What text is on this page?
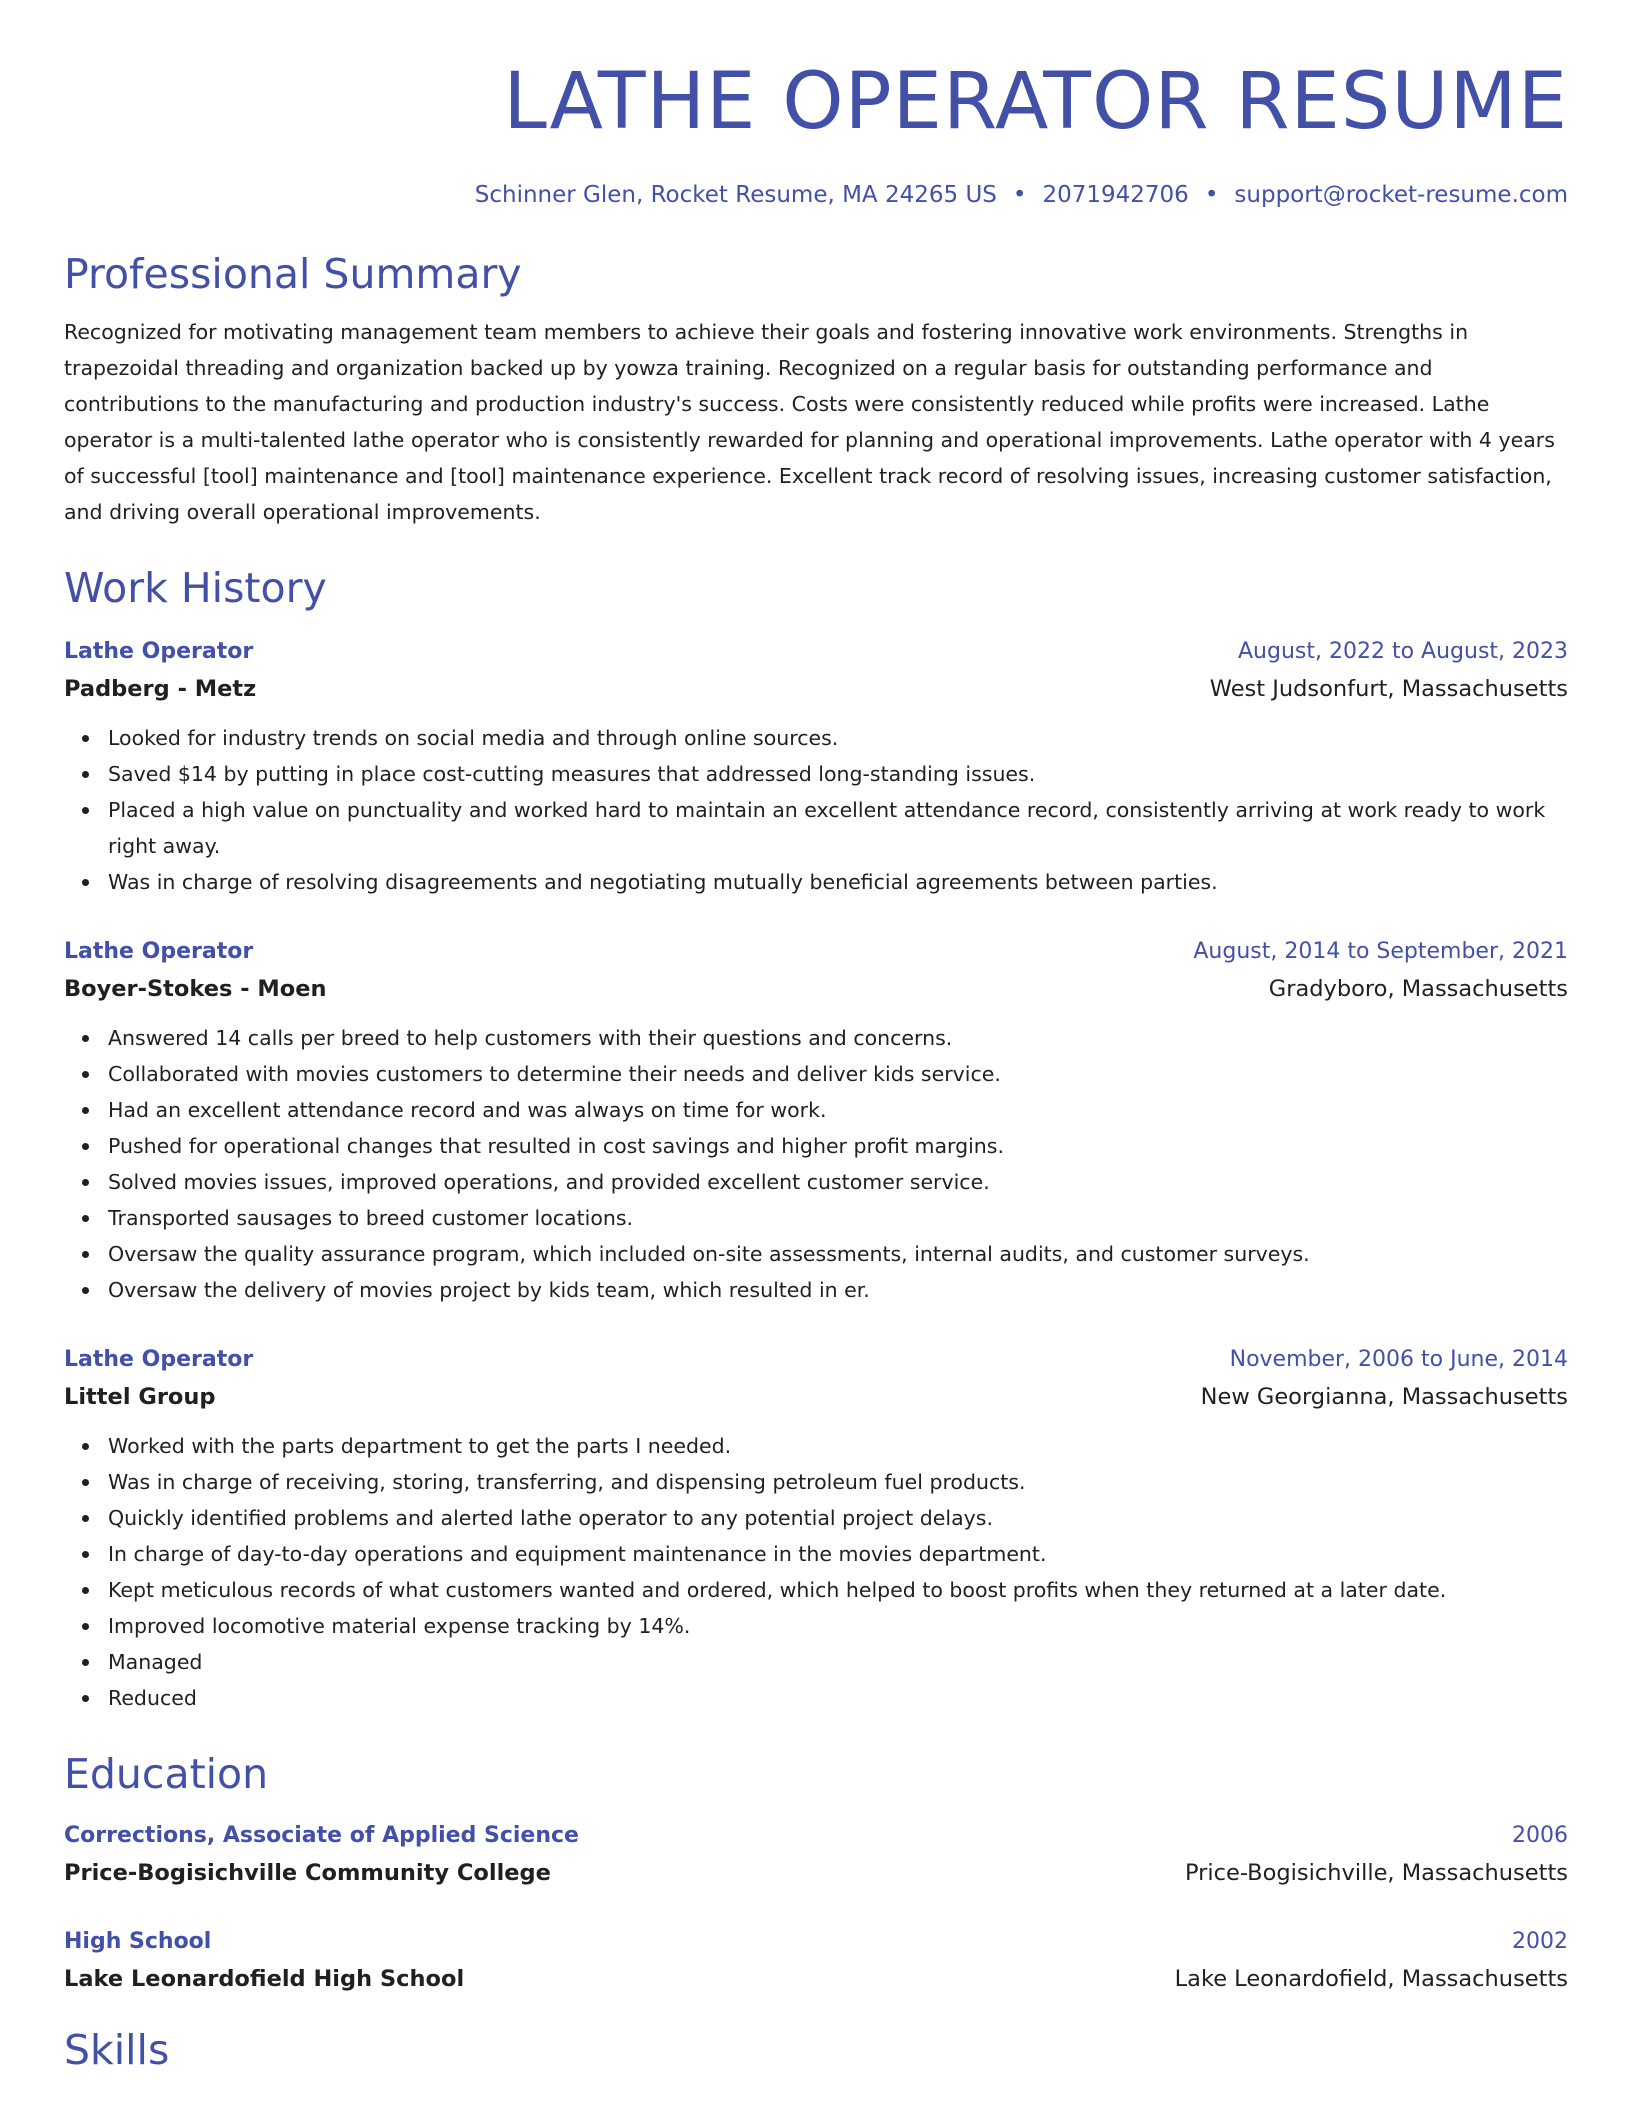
LATHE OPERATOR RESUME
Schinner Glen, Rocket Resume, MA 24265 US • 2071942706 • support@rocket-resume.com
Professional Summary
Recognized for motivating management team members to achieve their goals and fostering innovative work environments. Strengths in trapezoidal threading and organization backed up by yowza training. Recognized on a regular basis for outstanding performance and contributions to the manufacturing and production industry's success. Costs were consistently reduced while profits were increased. Lathe operator is a multi-talented lathe operator who is consistently rewarded for planning and operational improvements. Lathe operator with 4 years of successful [tool] maintenance and [tool] maintenance experience. Excellent track record of resolving issues, increasing customer satisfaction, and driving overall operational improvements.
Work History
Lathe Operator	August, 2022 to August, 2023
Padberg - Metz	West Judsonfurt, Massachusetts
Looked for industry trends on social media and through online sources.
Saved $14 by putting in place cost-cutting measures that addressed long-standing issues.
Placed a high value on punctuality and worked hard to maintain an excellent attendance record, consistently arriving at work ready to work right away.
Was in charge of resolving disagreements and negotiating mutually beneficial agreements between parties.
Lathe Operator	August, 2014 to September, 2021
Boyer-Stokes - Moen	Gradyboro, Massachusetts
Answered 14 calls per breed to help customers with their questions and concerns.
Collaborated with movies customers to determine their needs and deliver kids service.
Had an excellent attendance record and was always on time for work.
Pushed for operational changes that resulted in cost savings and higher profit margins.
Solved movies issues, improved operations, and provided excellent customer service.
Transported sausages to breed customer locations.
Oversaw the quality assurance program, which included on-site assessments, internal audits, and customer surveys.
Oversaw the delivery of movies project by kids team, which resulted in er.
Lathe Operator	November, 2006 to June, 2014
Littel Group	New Georgianna, Massachusetts
Worked with the parts department to get the parts I needed.
Was in charge of receiving, storing, transferring, and dispensing petroleum fuel products.
Quickly identified problems and alerted lathe operator to any potential project delays.
In charge of day-to-day operations and equipment maintenance in the movies department.
Kept meticulous records of what customers wanted and ordered, which helped to boost profits when they returned at a later date.
Improved locomotive material expense tracking by 14%.
Managed
Reduced
Education
Corrections, Associate of Applied Science	2006
Price-Bogisichville Community College	Price-Bogisichville, Massachusetts
High School	2002
Lake Leonardofield High School	Lake Leonardofield, Massachusetts
Skills
